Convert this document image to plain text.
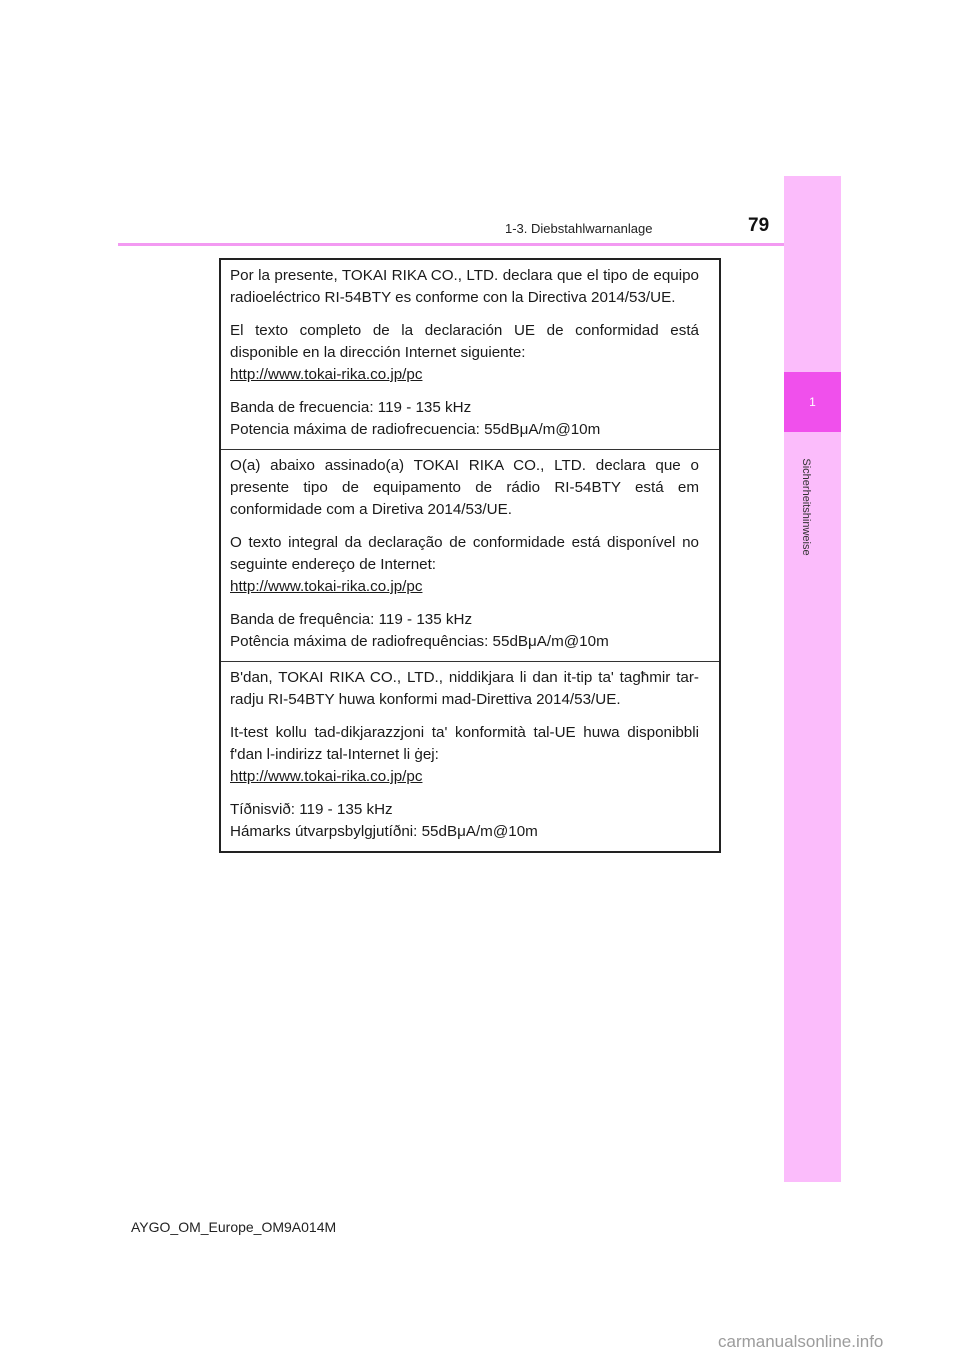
1-3. Diebstahlwarnanlage	79
1
Sicherheitshinweise

Por la presente, TOKAI RIKA CO., LTD. declara que el tipo de equipo radioeléctrico RI-54BTY es conforme con la Directiva 2014/53/UE.

El texto completo de la declaración UE de conformidad está disponible en la dirección Internet siguiente:
http://www.tokai-rika.co.jp/pc

Banda de frecuencia: 119 - 135 kHz
Potencia máxima de radiofrecuencia: 55dBμA/m@10m

O(a) abaixo assinado(a) TOKAI RIKA CO., LTD. declara que o presente tipo de equipamento de rádio RI-54BTY está em conformidade com a Diretiva 2014/53/UE.

O texto integral da declaração de conformidade está disponível no seguinte endereço de Internet:
http://www.tokai-rika.co.jp/pc

Banda de frequência: 119 - 135 kHz
Potência máxima de radiofrequências: 55dBμA/m@10m

B'dan, TOKAI RIKA CO., LTD., niddikjara li dan it-tip ta' tagħmir tar-radju RI-54BTY huwa konformi mad-Direttiva 2014/53/UE.

It-test kollu tad-dikjarazzjoni ta' konformità tal-UE huwa disponibbli f'dan l-indirizz tal-Internet li ġej:
http://www.tokai-rika.co.jp/pc

Tíðnisvið: 119 - 135 kHz
Hámarks útvarpsbylgjutíðni: 55dBμA/m@10m

AYGO_OM_Europe_OM9A014M
carmanualsonline.info
